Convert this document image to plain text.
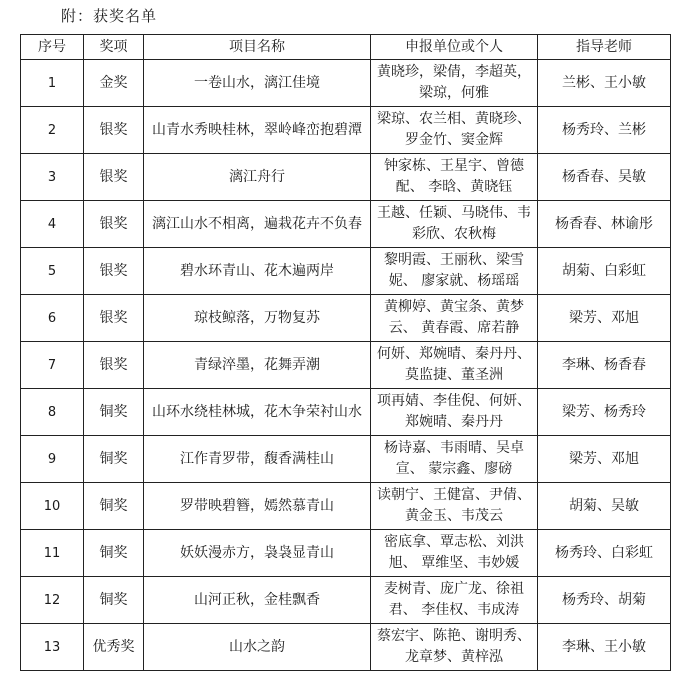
附：获奖名单
序号	奖项	项目名称	申报单位或个人	指导老师
1	金奖	一卷山水，漓江佳境	黄晓珍，梁倩，李超英，梁琼，何雅	兰彬、王小敏
2	银奖	山青水秀映桂林，翠岭峰峦抱碧潭	梁琼、农兰相、黄晓珍、罗金竹、窦金辉	杨秀玲、兰彬
3	银奖	漓江舟行	钟家栋、王星宇、曾德配、 李晗、黄晓钰	杨香春、吴敏
4	银奖	漓江山水不相离，遍栽花卉不负春	王越、任颖、马晓伟、韦彩欣、农秋梅	杨香春、林谕彤
5	银奖	碧水环青山、花木遍两岸	黎明霞、王丽秋、梁雪妮、 廖家就、杨瑶瑶	胡菊、白彩虹
6	银奖	琼枝鲸落，万物复苏	黄柳婷、黄宝条、黄梦云、 黄春霞、席若静	梁芳、邓旭
7	银奖	青绿淬墨，花舞弄潮	何妍、郑婉晴、秦丹丹、莫监捷、董圣洲	李琳、杨香春
8	铜奖	山环水绕桂林城，花木争荣衬山水	项再婧、李佳倪、何妍、郑婉晴、秦丹丹	梁芳、杨秀玲
9	铜奖	江作青罗带，馥香满桂山	杨诗嘉、韦雨晴、吴卓宣、 蒙宗鑫、廖磅	梁芳、邓旭
10	铜奖	罗带映碧簪，嫣然慕青山	读朝宁、王健富、尹倩、黄金玉、韦茂云	胡菊、吴敏
11	铜奖	妖妖漫赤方，袅袅显青山	密底拿、覃志松、刘洪旭、 覃维坚、韦妙媛	杨秀玲、白彩虹
12	铜奖	山河正秋，金桂飘香	麦树青、庞广龙、徐祖君、 李佳权、韦成涛	杨秀玲、胡菊
13	优秀奖	山水之韵	蔡宏宇、陈艳、谢明秀、龙章梦、黄梓泓	李琳、王小敏
